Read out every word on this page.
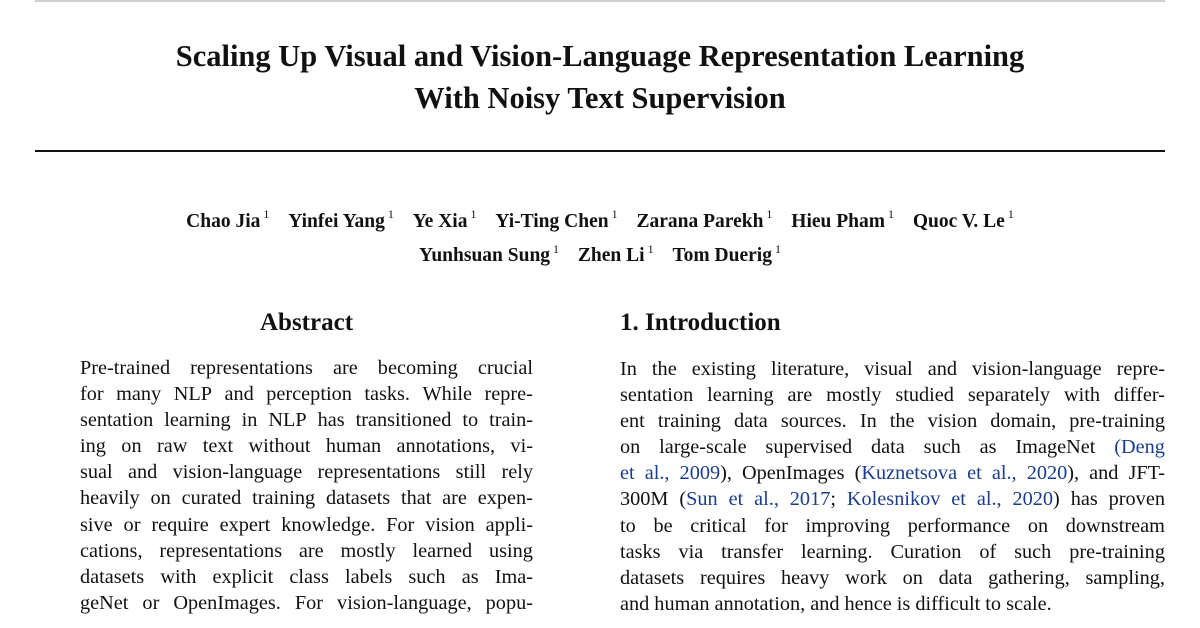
Scaling Up Visual and Vision-Language Representation Learning
With Noisy Text Supervision
Chao Jia $^1$ Yinfei Yang $^1$ Ye Xia $^1$ Yi-Ting Chen $^1$ Zarana Parekh $^1$ Hieu Pham $^1$ Quoc V. Le $^1$
Yunhsuan Sung $^1$ Zhen Li $^1$ Tom Duerig $^1$
Abstract
Pre-trained representations are becoming crucial
for many NLP and perception tasks. While repre-
sentation learning in NLP has transitioned to train-
ing on raw text without human annotations, vi-
sual and vision-language representations still rely
heavily on curated training datasets that are expen-
sive or require expert knowledge. For vision appli-
cations, representations are mostly learned using
datasets with explicit class labels such as Ima-
geNet or OpenImages. For vision-language, popu-
1. Introduction
In the existing literature, visual and vision-language repre-
sentation learning are mostly studied separately with differ-
ent training data sources. In the vision domain, pre-training
on large-scale supervised data such as ImageNet (Deng
et al., 2009), OpenImages (Kuznetsova et al., 2020), and JFT-
300M (Sun et al., 2017; Kolesnikov et al., 2020) has proven
to be critical for improving performance on downstream
tasks via transfer learning. Curation of such pre-training
datasets requires heavy work on data gathering, sampling,
and human annotation, and hence is difficult to scale.
